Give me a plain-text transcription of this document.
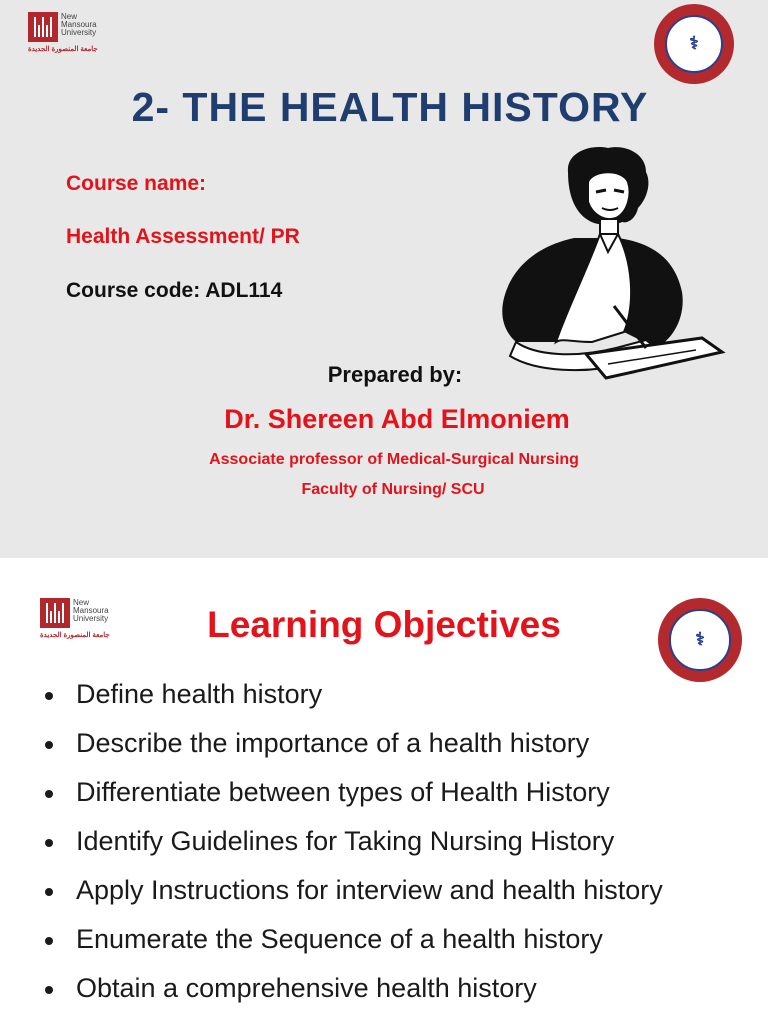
New
Mansoura
University
جامعة المنصورة الجديدة	⚕
2- THE HEALTH HISTORY
Course name:
Health Assessment/ PR
Course code: ADL114
Prepared by:
Dr. Shereen Abd Elmoniem
Associate professor of Medical-Surgical Nursing
Faculty of Nursing/ SCU
New
Mansoura
University
جامعة المنصورة الجديدة	⚕
Learning Objectives
Define health history
Describe the importance of a health history
Differentiate between types of Health History
Identify Guidelines for Taking Nursing History
Apply Instructions for interview and health history
Enumerate the Sequence of a health history
Obtain a comprehensive health history
